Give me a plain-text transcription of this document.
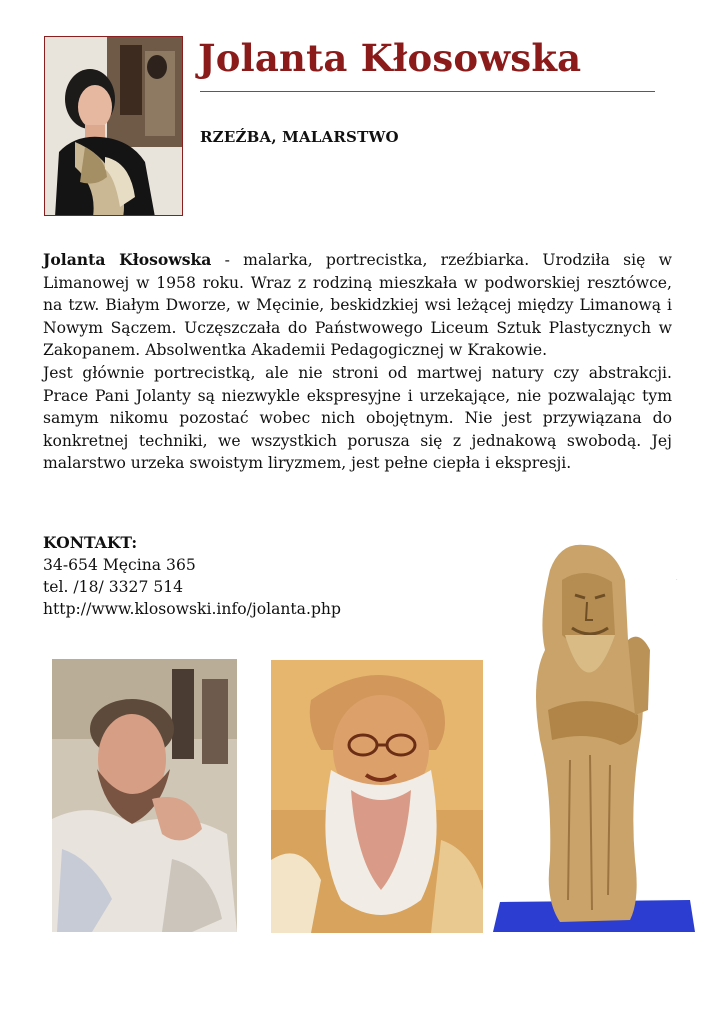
Jolanta Kłosowska
RZEŹBA, MALARSTWO

Jolanta Kłosowska - malarka, portrecistka, rzeźbiarka. Urodziła się w Limanowej w 1958 roku. Wraz z rodziną mieszkała w podworskiej resztówce, na tzw. Białym Dworze, w Męcinie, beskidzkiej wsi leżącej między Limanową i Nowym Sączem. Uczęszczała do Państwowego Liceum Sztuk Plastycznych w Zakopanem. Absolwentka Akademii Pedagogicznej w Krakowie.

Jest głównie portrecistką, ale nie stroni od martwej natury czy abstrakcji. Prace Pani Jolanty są niezwykle ekspresyjne i urzekające, nie pozwalając tym samym nikomu pozostać wobec nich obojętnym. Nie jest przywiązana do konkretnej techniki, we wszystkich porusza się z jednakową swobodą. Jej malarstwo urzeka swoistym liryzmem, jest pełne ciepła i ekspresji.

KONTAKT:
34-654 Męcina 365
tel. /18/ 3327 514
http://www.klosowski.info/jolanta.php
·
